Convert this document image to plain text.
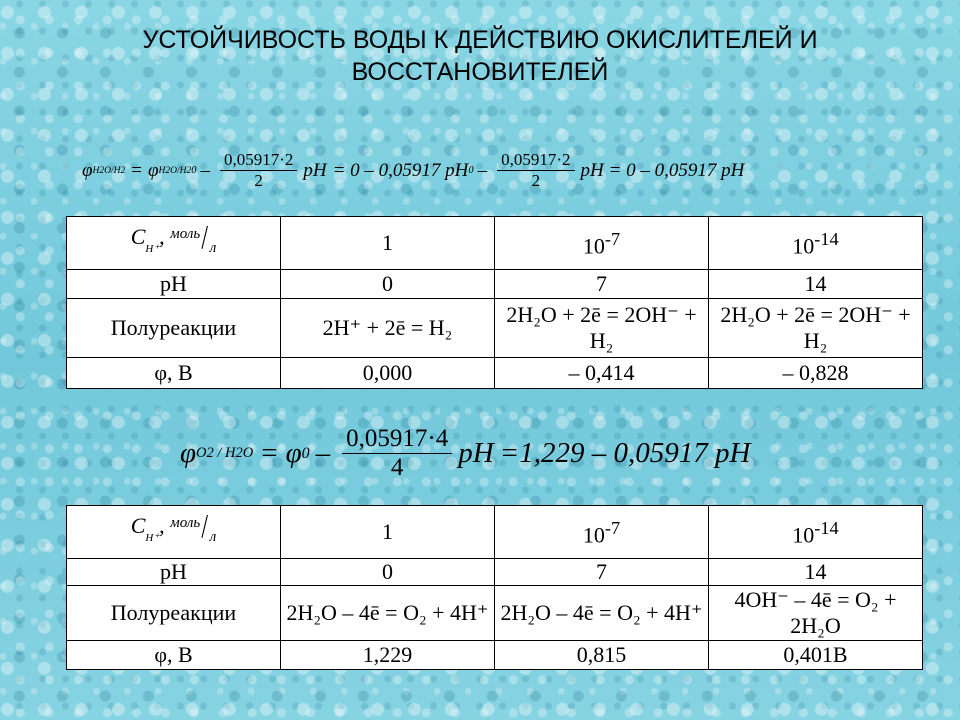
УСТОЙЧИВОСТЬ ВОДЫ К ДЕЙСТВИЮ ОКИСЛИТЕЛЕЙ И ВОССТАНОВИТЕЛЕЙ
φ H2O/H2 = φ H2O/H2 $0 - \frac{0,05917\cdot 2}{2}$ pH = 0 – 0,05917 pH $0 - \frac{0,05917\cdot 2}{2}$ pH = 0 – 0,05917 pH
$C_{H^+}$, $^{моль}/_л$	1	$10^{-7}$	$10^{-14}$
pH	0	7	14
Полуреакции	2H⁺ + 2ē = H₂	2H₂O + 2ē = 2OH⁻ + H₂	2H₂O + 2ē = 2OH⁻ + H₂
φ, В	0,000	– 0,414	– 0,828
φ O2 / H2O = φ $0 - \frac{0,05917\cdot 4}{4}$ pH =1,229 – 0,05917 pH
$C_{H^+}$, $^{моль}/_л$	1	$10^{-7}$	$10^{-14}$
pH	0	7	14
Полуреакции	2H₂O – 4ē = O₂ + 4H⁺	2H₂O – 4ē = O₂ + 4H⁺	4OH⁻ – 4ē = O₂ + 2H₂O
φ, В	1,229	0,815	0,401В
